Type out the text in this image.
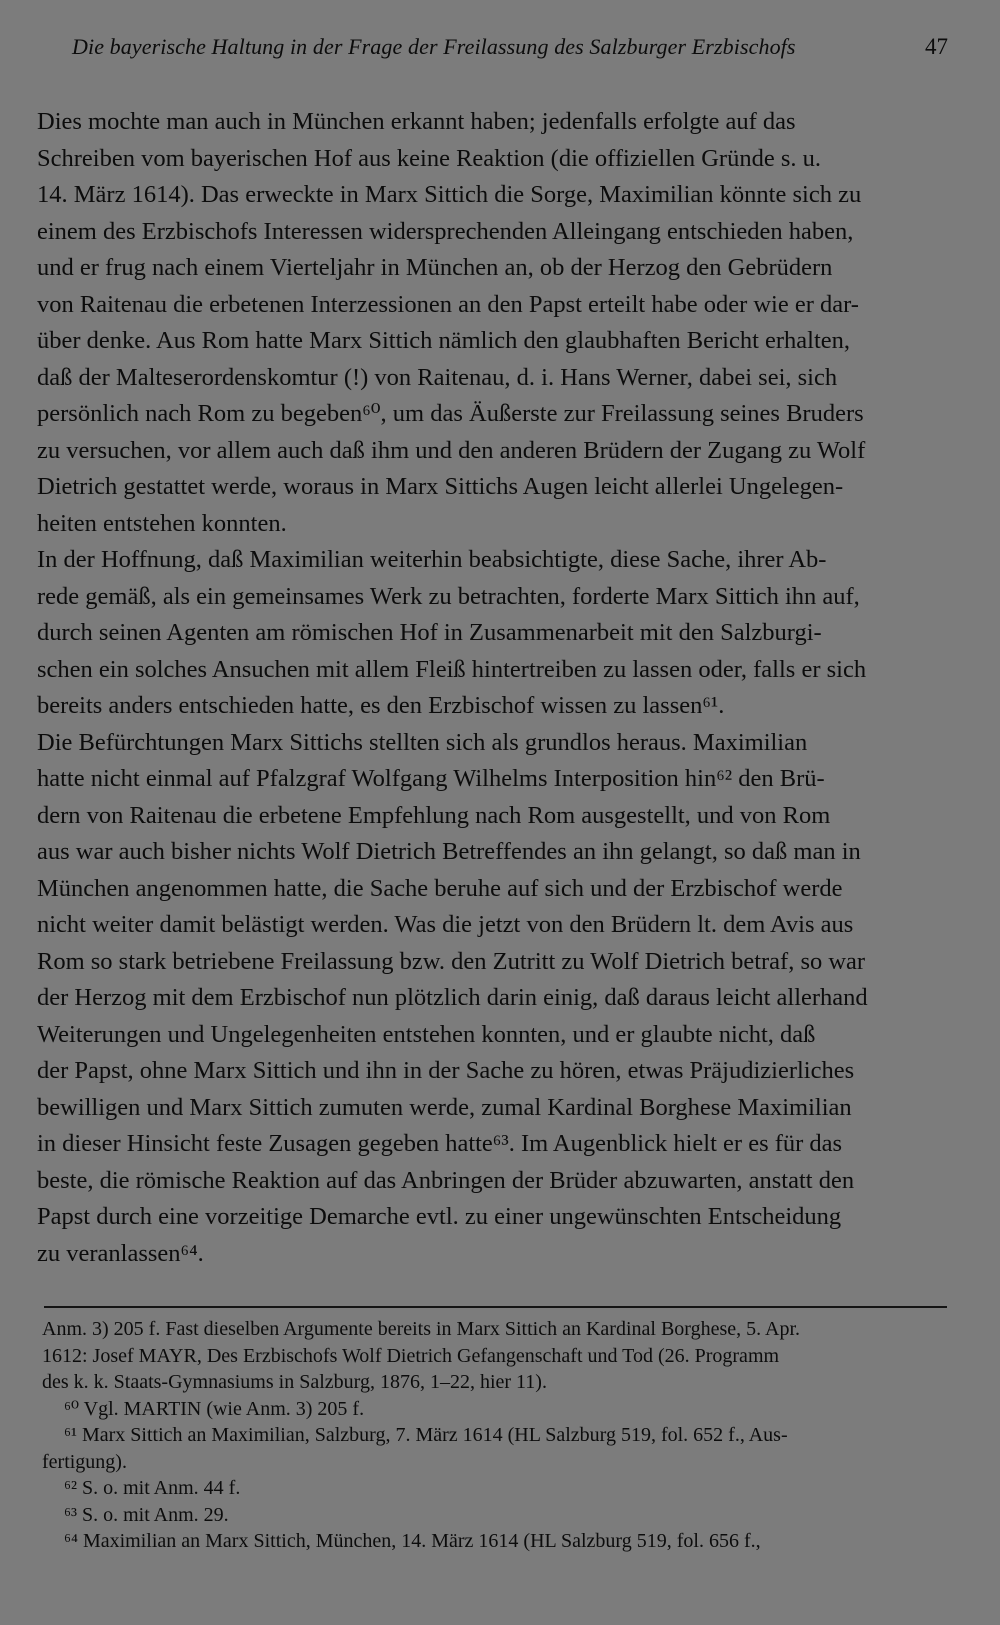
Die bayerische Haltung in der Frage der Freilassung des Salzburger Erzbischofs	47
Dies mochte man auch in München erkannt haben; jedenfalls erfolgte auf das
Schreiben vom bayerischen Hof aus keine Reaktion (die offiziellen Gründe s. u.
14. März 1614). Das erweckte in Marx Sittich die Sorge, Maximilian könnte sich zu
einem des Erzbischofs Interessen widersprechenden Alleingang entschieden haben,
und er frug nach einem Vierteljahr in München an, ob der Herzog den Gebrüdern
von Raitenau die erbetenen Interzessionen an den Papst erteilt habe oder wie er dar-
über denke. Aus Rom hatte Marx Sittich nämlich den glaubhaften Bericht erhalten,
daß der Malteserordenskomtur (!) von Raitenau, d. i. Hans Werner, dabei sei, sich
persönlich nach Rom zu begeben⁶⁰, um das Äußerste zur Freilassung seines Bruders
zu versuchen, vor allem auch daß ihm und den anderen Brüdern der Zugang zu Wolf
Dietrich gestattet werde, woraus in Marx Sittichs Augen leicht allerlei Ungelegen-
heiten entstehen konnten.
In der Hoffnung, daß Maximilian weiterhin beabsichtigte, diese Sache, ihrer Ab-
rede gemäß, als ein gemeinsames Werk zu betrachten, forderte Marx Sittich ihn auf,
durch seinen Agenten am römischen Hof in Zusammenarbeit mit den Salzburgi-
schen ein solches Ansuchen mit allem Fleiß hintertreiben zu lassen oder, falls er sich
bereits anders entschieden hatte, es den Erzbischof wissen zu lassen⁶¹.
Die Befürchtungen Marx Sittichs stellten sich als grundlos heraus. Maximilian
hatte nicht einmal auf Pfalzgraf Wolfgang Wilhelms Interposition hin⁶² den Brü-
dern von Raitenau die erbetene Empfehlung nach Rom ausgestellt, und von Rom
aus war auch bisher nichts Wolf Dietrich Betreffendes an ihn gelangt, so daß man in
München angenommen hatte, die Sache beruhe auf sich und der Erzbischof werde
nicht weiter damit belästigt werden. Was die jetzt von den Brüdern lt. dem Avis aus
Rom so stark betriebene Freilassung bzw. den Zutritt zu Wolf Dietrich betraf, so war
der Herzog mit dem Erzbischof nun plötzlich darin einig, daß daraus leicht allerhand
Weiterungen und Ungelegenheiten entstehen konnten, und er glaubte nicht, daß
der Papst, ohne Marx Sittich und ihn in der Sache zu hören, etwas Präjudizierliches
bewilligen und Marx Sittich zumuten werde, zumal Kardinal Borghese Maximilian
in dieser Hinsicht feste Zusagen gegeben hatte⁶³. Im Augenblick hielt er es für das
beste, die römische Reaktion auf das Anbringen der Brüder abzuwarten, anstatt den
Papst durch eine vorzeitige Demarche evtl. zu einer ungewünschten Entscheidung
zu veranlassen⁶⁴.
Anm. 3) 205 f. Fast dieselben Argumente bereits in Marx Sittich an Kardinal Borghese, 5. Apr.
1612: Josef MAYR, Des Erzbischofs Wolf Dietrich Gefangenschaft und Tod (26. Programm
des k. k. Staats-Gymnasiums in Salzburg, 1876, 1–22, hier 11).
⁶⁰ Vgl. MARTIN (wie Anm. 3) 205 f.
⁶¹ Marx Sittich an Maximilian, Salzburg, 7. März 1614 (HL Salzburg 519, fol. 652 f., Aus-
fertigung).
⁶² S. o. mit Anm. 44 f.
⁶³ S. o. mit Anm. 29.
⁶⁴ Maximilian an Marx Sittich, München, 14. März 1614 (HL Salzburg 519, fol. 656 f.,
